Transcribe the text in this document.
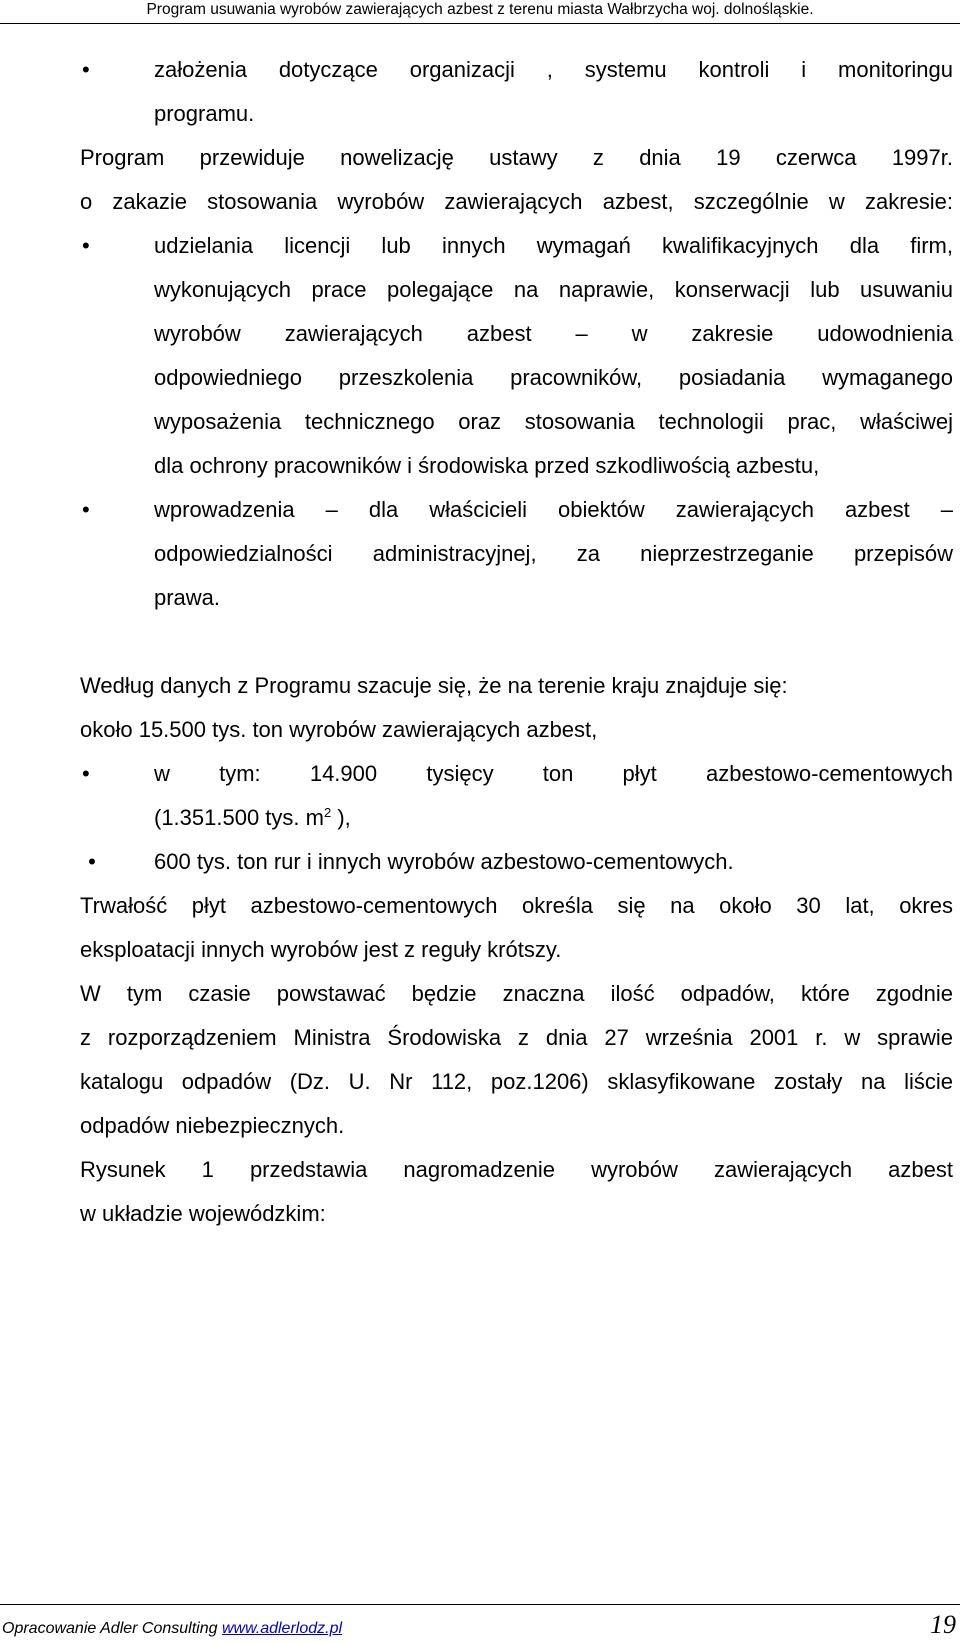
Program usuwania wyrobów zawierających azbest z terenu miasta Wałbrzycha woj. dolnośląskie.
•	założenia dotyczące organizacji , systemu kontroli i monitoringu
programu.
Program przewiduje nowelizację ustawy z dnia 19 czerwca 1997r.
o zakazie stosowania wyrobów zawierających azbest, szczególnie w zakresie:
•	udzielania licencji lub innych wymagań kwalifikacyjnych dla firm,
wykonujących prace polegające na naprawie, konserwacji lub usuwaniu
wyrobów zawierających azbest – w zakresie udowodnienia
odpowiedniego przeszkolenia pracowników, posiadania wymaganego
wyposażenia technicznego oraz stosowania technologii prac, właściwej
dla ochrony pracowników i środowiska przed szkodliwością azbestu,
•	wprowadzenia – dla właścicieli obiektów zawierających azbest –
odpowiedzialności administracyjnej, za nieprzestrzeganie przepisów
prawa.
Według danych z Programu szacuje się, że na terenie kraju znajduje się:
około 15.500 tys. ton wyrobów zawierających azbest,
•	w tym: 14.900 tysięcy ton płyt azbestowo-cementowych
(1.351.500 tys. $m^2$ ),
•	600 tys. ton rur i innych wyrobów azbestowo-cementowych.
Trwałość płyt azbestowo-cementowych określa się na około 30 lat, okres
eksploatacji innych wyrobów jest z reguły krótszy.
W tym czasie powstawać będzie znaczna ilość odpadów, które zgodnie
z rozporządzeniem Ministra Środowiska z dnia 27 września 2001 r. w sprawie
katalogu odpadów (Dz. U. Nr 112, poz.1206) sklasyfikowane zostały na liście
odpadów niebezpiecznych.
Rysunek 1 przedstawia nagromadzenie wyrobów zawierających azbest
w układzie wojewódzkim:
Opracowanie Adler Consulting www.adlerlodz.pl	19
